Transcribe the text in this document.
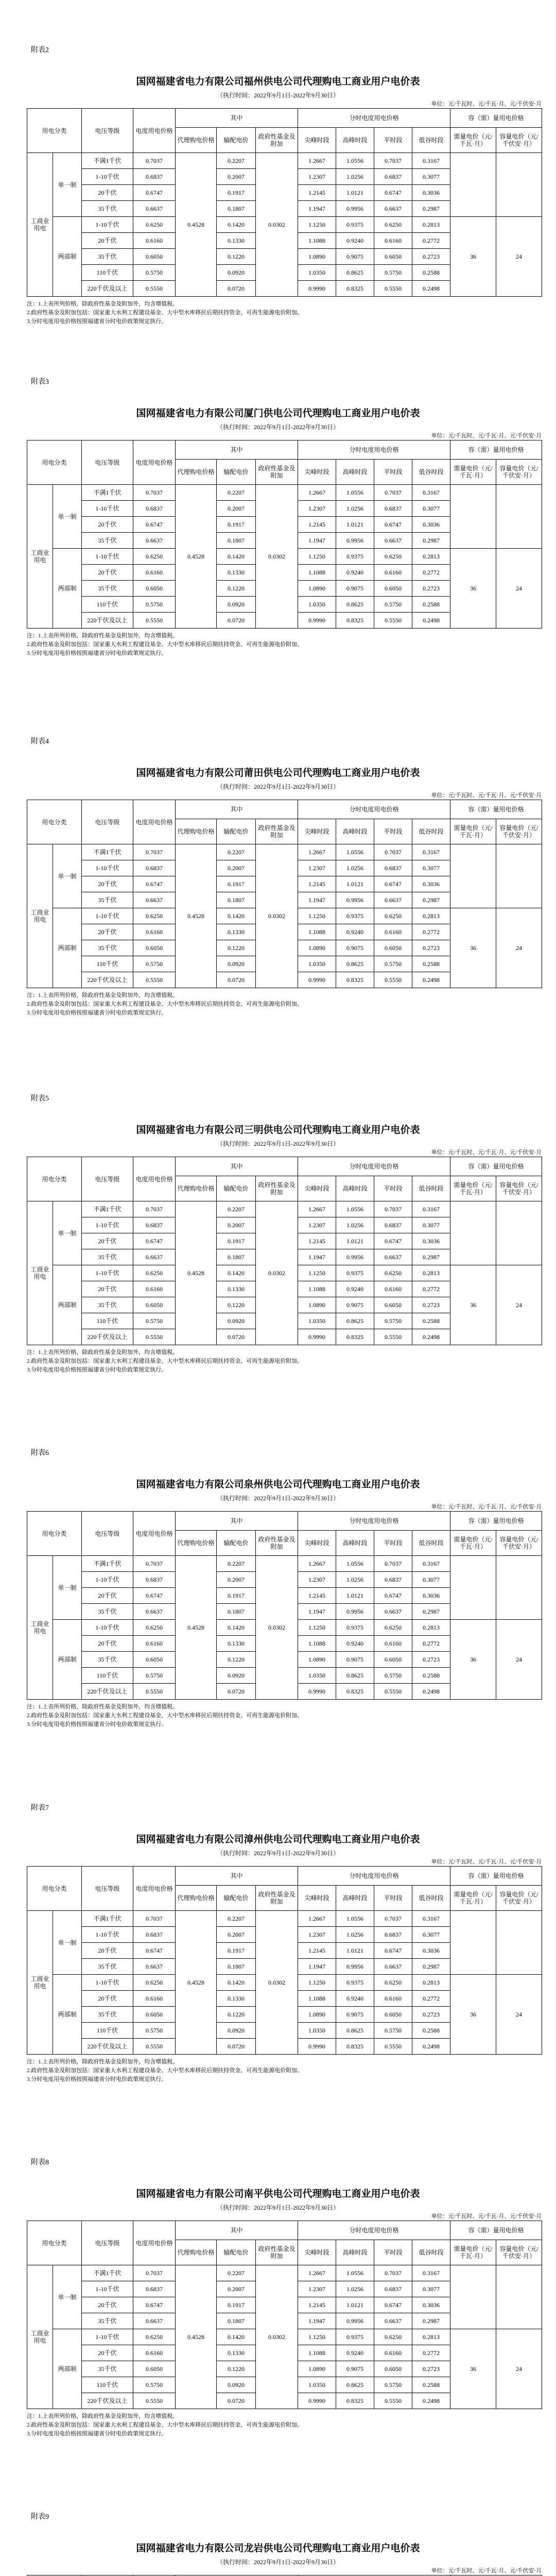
附表2
国网福建省电力有限公司福州供电公司代理购电工商业用户电价表
（执行时间：2022年9月1日-2022年9月30日）
单位：元/千瓦时、元/千瓦·月、元/千伏安·月
用电分类		电压等级	电度用电价格	其中			分时电度用电价格				容（需）量用电价格	
				代理购电价格	输配电价	政府性基金及附加	尖峰时段	高峰时段	平时段	低谷时段	需量电价（元/千瓦·月）	容量电价（元/千伏安·月）
工商业用电	单一制	不满1千伏	0.7037	0.4528	0.2207	0.0302	1.2667	1.0556	0.7037	0.3167		
		1-10千伏	0.6837		0.2007		1.2307	1.0256	0.6837	0.3077		
		20千伏	0.6747		0.1917		1.2145	1.0121	0.6747	0.3036		
		35千伏	0.6637		0.1807		1.1947	0.9956	0.6637	0.2987		
	两部制	1-10千伏	0.6250		0.1420		1.1250	0.9375	0.6250	0.2813	36	24
		20千伏	0.6160		0.1330		1.1088	0.9240	0.6160	0.2772		
		35千伏	0.6050		0.1220		1.0890	0.9075	0.6050	0.2723		
		110千伏	0.5750		0.0920		1.0350	0.8625	0.5750	0.2588		
		220千伏及以上	0.5550		0.0720		0.9990	0.8325	0.5550	0.2498		
注：1.上表所列价格，除政府性基金及附加外，均含增值税。
2.政府性基金及附加包括：国家重大水利工程建设基金、大中型水库移民后期扶持资金、可再生能源电价附加。
3.分时电度用电价格按照福建省分时电价政策规定执行。
附表3
国网福建省电力有限公司厦门供电公司代理购电工商业用户电价表
（执行时间：2022年9月1日-2022年9月30日）
单位：元/千瓦时、元/千瓦·月、元/千伏安·月
用电分类		电压等级	电度用电价格	其中			分时电度用电价格				容（需）量用电价格	
				代理购电价格	输配电价	政府性基金及附加	尖峰时段	高峰时段	平时段	低谷时段	需量电价（元/千瓦·月）	容量电价（元/千伏安·月）
工商业用电	单一制	不满1千伏	0.7037	0.4528	0.2207	0.0302	1.2667	1.0556	0.7037	0.3167		
		1-10千伏	0.6837		0.2007		1.2307	1.0256	0.6837	0.3077		
		20千伏	0.6747		0.1917		1.2145	1.0121	0.6747	0.3036		
		35千伏	0.6637		0.1807		1.1947	0.9956	0.6637	0.2987		
	两部制	1-10千伏	0.6250		0.1420		1.1250	0.9375	0.6250	0.2813	36	24
		20千伏	0.6160		0.1330		1.1088	0.9240	0.6160	0.2772		
		35千伏	0.6050		0.1220		1.0890	0.9075	0.6050	0.2723		
		110千伏	0.5750		0.0920		1.0350	0.8625	0.5750	0.2588		
		220千伏及以上	0.5550		0.0720		0.9990	0.8325	0.5550	0.2498		
注：1.上表所列价格，除政府性基金及附加外，均含增值税。
2.政府性基金及附加包括：国家重大水利工程建设基金、大中型水库移民后期扶持资金、可再生能源电价附加。
3.分时电度用电价格按照福建省分时电价政策规定执行。
附表4
国网福建省电力有限公司莆田供电公司代理购电工商业用户电价表
（执行时间：2022年9月1日-2022年9月30日）
单位：元/千瓦时、元/千瓦·月、元/千伏安·月
用电分类		电压等级	电度用电价格	其中			分时电度用电价格				容（需）量用电价格	
				代理购电价格	输配电价	政府性基金及附加	尖峰时段	高峰时段	平时段	低谷时段	需量电价（元/千瓦·月）	容量电价（元/千伏安·月）
工商业用电	单一制	不满1千伏	0.7037	0.4528	0.2207	0.0302	1.2667	1.0556	0.7037	0.3167		
		1-10千伏	0.6837		0.2007		1.2307	1.0256	0.6837	0.3077		
		20千伏	0.6747		0.1917		1.2145	1.0121	0.6747	0.3036		
		35千伏	0.6637		0.1807		1.1947	0.9956	0.6637	0.2987		
	两部制	1-10千伏	0.6250		0.1420		1.1250	0.9375	0.6250	0.2813	36	24
		20千伏	0.6160		0.1330		1.1088	0.9240	0.6160	0.2772		
		35千伏	0.6050		0.1220		1.0890	0.9075	0.6050	0.2723		
		110千伏	0.5750		0.0920		1.0350	0.8625	0.5750	0.2588		
		220千伏及以上	0.5550		0.0720		0.9990	0.8325	0.5550	0.2498		
注：1.上表所列价格，除政府性基金及附加外，均含增值税。
2.政府性基金及附加包括：国家重大水利工程建设基金、大中型水库移民后期扶持资金、可再生能源电价附加。
3.分时电度用电价格按照福建省分时电价政策规定执行。
附表5
国网福建省电力有限公司三明供电公司代理购电工商业用户电价表
（执行时间：2022年9月1日-2022年9月30日）
单位：元/千瓦时、元/千瓦·月、元/千伏安·月
用电分类		电压等级	电度用电价格	其中			分时电度用电价格				容（需）量用电价格	
				代理购电价格	输配电价	政府性基金及附加	尖峰时段	高峰时段	平时段	低谷时段	需量电价（元/千瓦·月）	容量电价（元/千伏安·月）
工商业用电	单一制	不满1千伏	0.7037	0.4528	0.2207	0.0302	1.2667	1.0556	0.7037	0.3167		
		1-10千伏	0.6837		0.2007		1.2307	1.0256	0.6837	0.3077		
		20千伏	0.6747		0.1917		1.2145	1.0121	0.6747	0.3036		
		35千伏	0.6637		0.1807		1.1947	0.9956	0.6637	0.2987		
	两部制	1-10千伏	0.6250		0.1420		1.1250	0.9375	0.6250	0.2813	36	24
		20千伏	0.6160		0.1330		1.1088	0.9240	0.6160	0.2772		
		35千伏	0.6050		0.1220		1.0890	0.9075	0.6050	0.2723		
		110千伏	0.5750		0.0920		1.0350	0.8625	0.5750	0.2588		
		220千伏及以上	0.5550		0.0720		0.9990	0.8325	0.5550	0.2498		
注：1.上表所列价格，除政府性基金及附加外，均含增值税。
2.政府性基金及附加包括：国家重大水利工程建设基金、大中型水库移民后期扶持资金、可再生能源电价附加。
3.分时电度用电价格按照福建省分时电价政策规定执行。
附表6
国网福建省电力有限公司泉州供电公司代理购电工商业用户电价表
（执行时间：2022年9月1日-2022年9月30日）
单位：元/千瓦时、元/千瓦·月、元/千伏安·月
用电分类		电压等级	电度用电价格	其中			分时电度用电价格				容（需）量用电价格	
				代理购电价格	输配电价	政府性基金及附加	尖峰时段	高峰时段	平时段	低谷时段	需量电价（元/千瓦·月）	容量电价（元/千伏安·月）
工商业用电	单一制	不满1千伏	0.7037	0.4528	0.2207	0.0302	1.2667	1.0556	0.7037	0.3167		
		1-10千伏	0.6837		0.2007		1.2307	1.0256	0.6837	0.3077		
		20千伏	0.6747		0.1917		1.2145	1.0121	0.6747	0.3036		
		35千伏	0.6637		0.1807		1.1947	0.9956	0.6637	0.2987		
	两部制	1-10千伏	0.6250		0.1420		1.1250	0.9375	0.6250	0.2813	36	24
		20千伏	0.6160		0.1330		1.1088	0.9240	0.6160	0.2772		
		35千伏	0.6050		0.1220		1.0890	0.9075	0.6050	0.2723		
		110千伏	0.5750		0.0920		1.0350	0.8625	0.5750	0.2588		
		220千伏及以上	0.5550		0.0720		0.9990	0.8325	0.5550	0.2498		
注：1.上表所列价格，除政府性基金及附加外，均含增值税。
2.政府性基金及附加包括：国家重大水利工程建设基金、大中型水库移民后期扶持资金、可再生能源电价附加。
3.分时电度用电价格按照福建省分时电价政策规定执行。
附表7
国网福建省电力有限公司漳州供电公司代理购电工商业用户电价表
（执行时间：2022年9月1日-2022年9月30日）
单位：元/千瓦时、元/千瓦·月、元/千伏安·月
用电分类		电压等级	电度用电价格	其中			分时电度用电价格				容（需）量用电价格	
				代理购电价格	输配电价	政府性基金及附加	尖峰时段	高峰时段	平时段	低谷时段	需量电价（元/千瓦·月）	容量电价（元/千伏安·月）
工商业用电	单一制	不满1千伏	0.7037	0.4528	0.2207	0.0302	1.2667	1.0556	0.7037	0.3167		
		1-10千伏	0.6837		0.2007		1.2307	1.0256	0.6837	0.3077		
		20千伏	0.6747		0.1917		1.2145	1.0121	0.6747	0.3036		
		35千伏	0.6637		0.1807		1.1947	0.9956	0.6637	0.2987		
	两部制	1-10千伏	0.6250		0.1420		1.1250	0.9375	0.6250	0.2813	36	24
		20千伏	0.6160		0.1330		1.1088	0.9240	0.6160	0.2772		
		35千伏	0.6050		0.1220		1.0890	0.9075	0.6050	0.2723		
		110千伏	0.5750		0.0920		1.0350	0.8625	0.5750	0.2588		
		220千伏及以上	0.5550		0.0720		0.9990	0.8325	0.5550	0.2498		
注：1.上表所列价格，除政府性基金及附加外，均含增值税。
2.政府性基金及附加包括：国家重大水利工程建设基金、大中型水库移民后期扶持资金、可再生能源电价附加。
3.分时电度用电价格按照福建省分时电价政策规定执行。
附表8
国网福建省电力有限公司南平供电公司代理购电工商业用户电价表
（执行时间：2022年9月1日-2022年9月30日）
单位：元/千瓦时、元/千瓦·月、元/千伏安·月
用电分类		电压等级	电度用电价格	其中			分时电度用电价格				容（需）量用电价格	
				代理购电价格	输配电价	政府性基金及附加	尖峰时段	高峰时段	平时段	低谷时段	需量电价（元/千瓦·月）	容量电价（元/千伏安·月）
工商业用电	单一制	不满1千伏	0.7037	0.4528	0.2207	0.0302	1.2667	1.0556	0.7037	0.3167		
		1-10千伏	0.6837		0.2007		1.2307	1.0256	0.6837	0.3077		
		20千伏	0.6747		0.1917		1.2145	1.0121	0.6747	0.3036		
		35千伏	0.6637		0.1807		1.1947	0.9956	0.6637	0.2987		
	两部制	1-10千伏	0.6250		0.1420		1.1250	0.9375	0.6250	0.2813	36	24
		20千伏	0.6160		0.1330		1.1088	0.9240	0.6160	0.2772		
		35千伏	0.6050		0.1220		1.0890	0.9075	0.6050	0.2723		
		110千伏	0.5750		0.0920		1.0350	0.8625	0.5750	0.2588		
		220千伏及以上	0.5550		0.0720		0.9990	0.8325	0.5550	0.2498		
注：1.上表所列价格，除政府性基金及附加外，均含增值税。
2.政府性基金及附加包括：国家重大水利工程建设基金、大中型水库移民后期扶持资金、可再生能源电价附加。
3.分时电度用电价格按照福建省分时电价政策规定执行。
附表9
国网福建省电力有限公司龙岩供电公司代理购电工商业用户电价表
（执行时间：2022年9月1日-2022年9月30日）
单位：元/千瓦时、元/千瓦·月、元/千伏安·月
